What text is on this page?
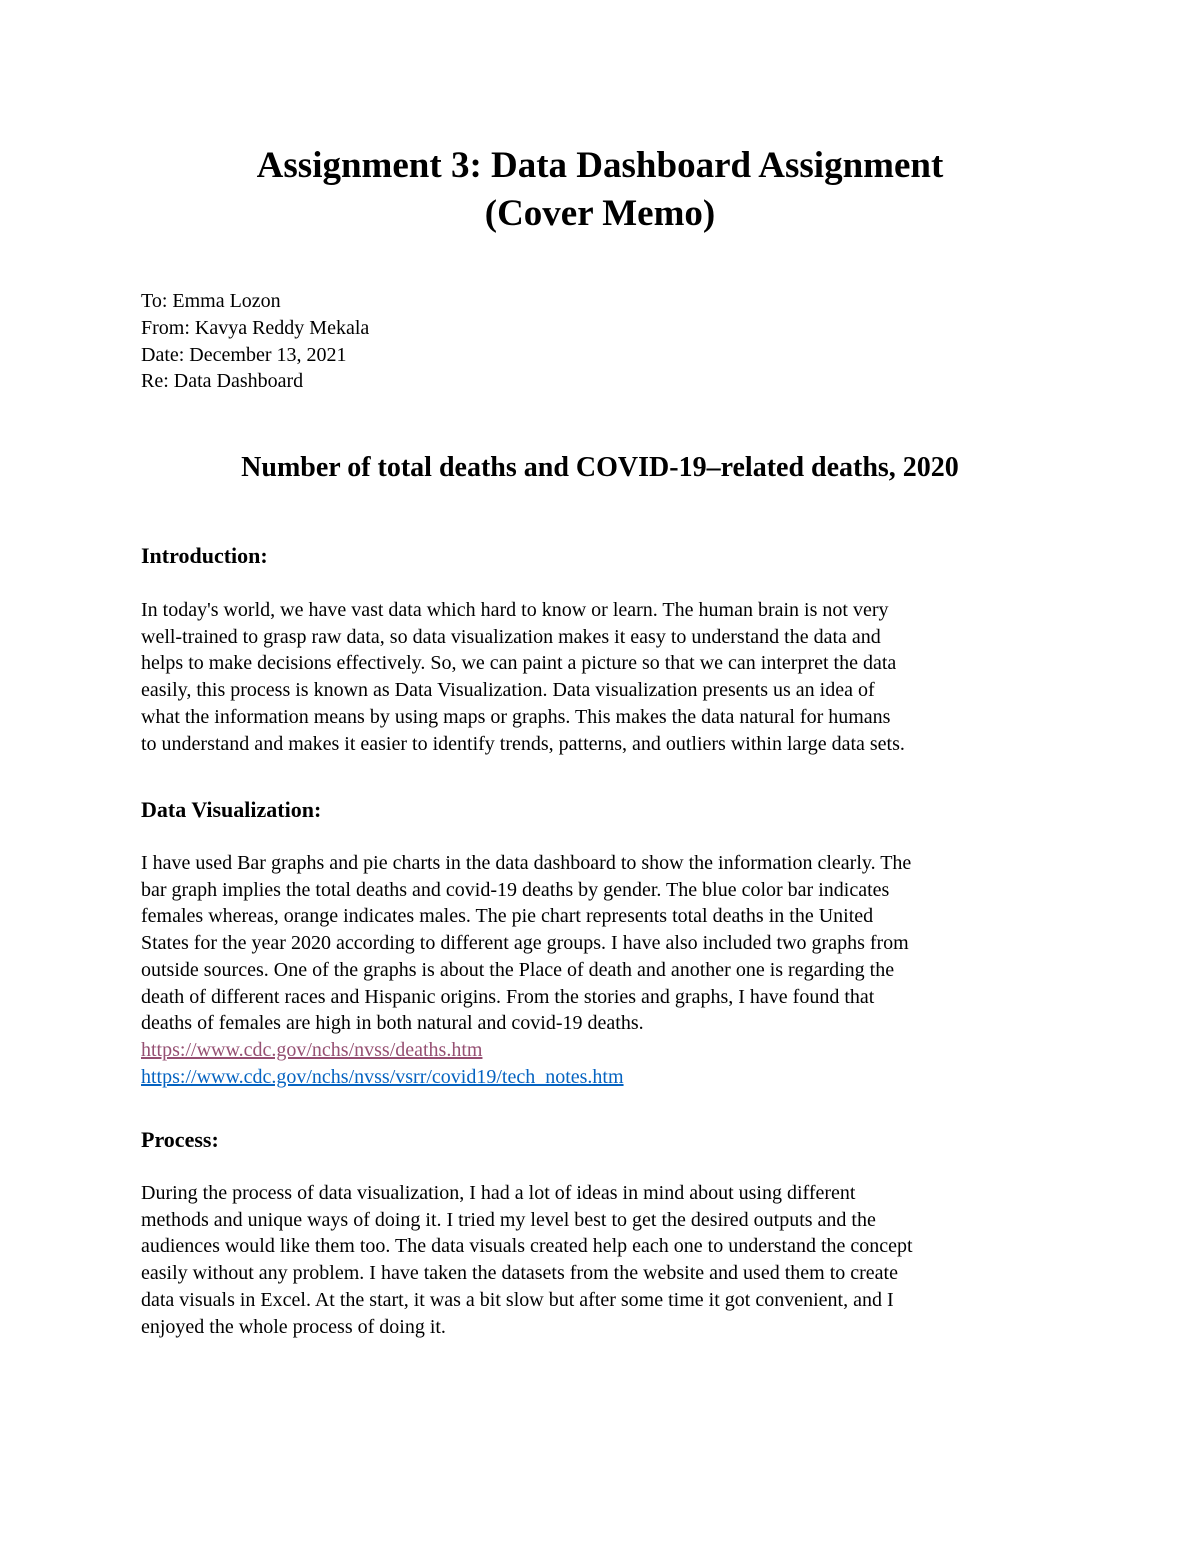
Assignment 3: Data Dashboard Assignment
(Cover Memo)
To: Emma Lozon
From: Kavya Reddy Mekala
Date: December 13, 2021
Re: Data Dashboard
Number of total deaths and COVID-19–related deaths, 2020
Introduction:
In today's world, we have vast data which hard to know or learn. The human brain is not very
well-trained to grasp raw data, so data visualization makes it easy to understand the data and
helps to make decisions effectively. So, we can paint a picture so that we can interpret the data
easily, this process is known as Data Visualization. Data visualization presents us an idea of
what the information means by using maps or graphs. This makes the data natural for humans
to understand and makes it easier to identify trends, patterns, and outliers within large data sets.
Data Visualization:
I have used Bar graphs and pie charts in the data dashboard to show the information clearly. The
bar graph implies the total deaths and covid-19 deaths by gender. The blue color bar indicates
females whereas, orange indicates males. The pie chart represents total deaths in the United
States for the year 2020 according to different age groups. I have also included two graphs from
outside sources. One of the graphs is about the Place of death and another one is regarding the
death of different races and Hispanic origins. From the stories and graphs, I have found that
deaths of females are high in both natural and covid-19 deaths.
https://www.cdc.gov/nchs/nvss/deaths.htm
https://www.cdc.gov/nchs/nvss/vsrr/covid19/tech_notes.htm
Process:
During the process of data visualization, I had a lot of ideas in mind about using different
methods and unique ways of doing it. I tried my level best to get the desired outputs and the
audiences would like them too. The data visuals created help each one to understand the concept
easily without any problem. I have taken the datasets from the website and used them to create
data visuals in Excel. At the start, it was a bit slow but after some time it got convenient, and I
enjoyed the whole process of doing it.
